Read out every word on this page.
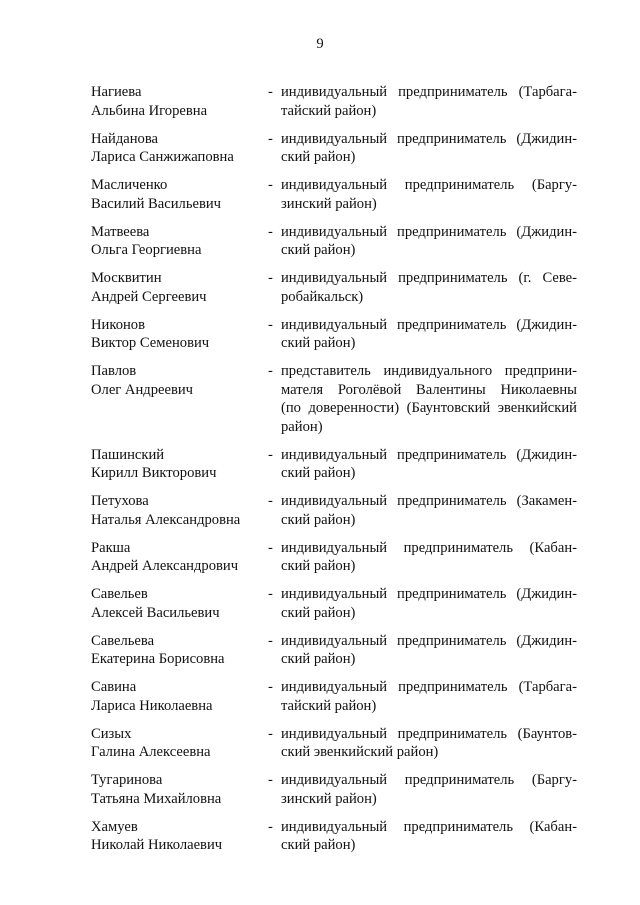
9
Нагиева
Альбина Игоревна
- индивидуальный предприниматель (Тарбага-
тайский район)
Найданова
Лариса Санжижаповна
- индивидуальный предприниматель (Джидин-
ский район)
Масличенко
Василий Васильевич
- индивидуальный предприниматель (Баргу-
зинский район)
Матвеева
Ольга Георгиевна
- индивидуальный предприниматель (Джидин-
ский район)
Москвитин
Андрей Сергеевич
- индивидуальный предприниматель (г. Севе-
робайкальск)
Никонов
Виктор Семенович
- индивидуальный предприниматель (Джидин-
ский район)
Павлов
Олег Андреевич
- представитель индивидуального предприни-
мателя Роголёвой Валентины Николаевны
(по доверенности) (Баунтовский эвенкийский
район)
Пашинский
Кирилл Викторович
- индивидуальный предприниматель (Джидин-
ский район)
Петухова
Наталья Александровна
- индивидуальный предприниматель (Закамен-
ский район)
Ракша
Андрей Александрович
- индивидуальный предприниматель (Кабан-
ский район)
Савельев
Алексей Васильевич
- индивидуальный предприниматель (Джидин-
ский район)
Савельева
Екатерина Борисовна
- индивидуальный предприниматель (Джидин-
ский район)
Савина
Лариса Николаевна
- индивидуальный предприниматель (Тарбага-
тайский район)
Сизых
Галина Алексеевна
- индивидуальный предприниматель (Баунтов-
ский эвенкийский район)
Тугаринова
Татьяна Михайловна
- индивидуальный предприниматель (Баргу-
зинский район)
Хамуев
Николай Николаевич
- индивидуальный предприниматель (Кабан-
ский район)
